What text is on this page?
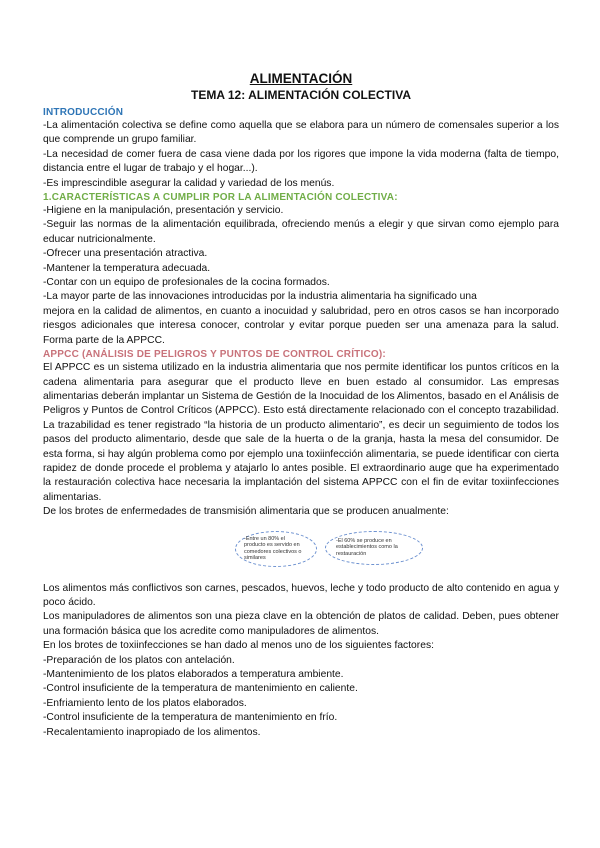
ALIMENTACIÓN
TEMA 12: ALIMENTACIÓN COLECTIVA
INTRODUCCIÓN

-La alimentación colectiva se define como aquella que se elabora para un número de comensales superior a los que comprende un grupo familiar.

-La necesidad de comer fuera de casa viene dada por los rigores que impone la vida moderna (falta de tiempo, distancia entre el lugar de trabajo y el hogar...).

-Es imprescindible asegurar la calidad y variedad de los menús.

1.CARACTERÍSTICAS A CUMPLIR POR LA ALIMENTACIÓN COLECTIVA:

-Higiene en la manipulación, presentación y servicio.

-Seguir las normas de la alimentación equilibrada, ofreciendo menús a elegir y que sirvan como ejemplo para educar nutricionalmente.

-Ofrecer una presentación atractiva.

-Mantener la temperatura adecuada.

-Contar con un equipo de profesionales de la cocina formados.

-La mayor parte de las innovaciones introducidas por la industria alimentaria ha significado una

mejora en la calidad de alimentos, en cuanto a inocuidad y salubridad, pero en otros casos se han incorporado riesgos adicionales que interesa conocer, controlar y evitar porque pueden ser una amenaza para la salud. Forma parte de la APPCC.

APPCC (ANÁLISIS DE PELIGROS Y PUNTOS DE CONTROL CRÍTICO):

El APPCC es un sistema utilizado en la industria alimentaria que nos permite identificar los puntos críticos en la cadena alimentaria para asegurar que el producto lleve en buen estado al consumidor. Las empresas alimentarias deberán implantar un Sistema de Gestión de la Inocuidad de los Alimentos, basado en el Análisis de Peligros y Puntos de Control Críticos (APPCC). Esto está directamente relacionado con el concepto trazabilidad. La trazabilidad es tener registrado “la historia de un producto alimentario”, es decir un seguimiento de todos los pasos del producto alimentario, desde que sale de la huerta o de la granja, hasta la mesa del consumidor. De esta forma, si hay algún problema como por ejemplo una toxiinfección alimentaria, se puede identificar con cierta rapidez de donde procede el problema y atajarlo lo antes posible. El extraordinario auge que ha experimentado la restauración colectiva hace necesaria la implantación del sistema APPCC con el fin de evitar toxiinfecciones alimentarias.

De los brotes de enfermedades de transmisión alimentaria que se producen anualmente:

-Entre un 80% el producto es servido en comedores colectivos o similares
-El 60% se produce en establecimientos como la restauración

Los alimentos más conflictivos son carnes, pescados, huevos, leche y todo producto de alto contenido en agua y poco ácido.

Los manipuladores de alimentos son una pieza clave en la obtención de platos de calidad. Deben, pues obtener una formación básica que los acredite como manipuladores de alimentos.

En los brotes de toxiinfecciones se han dado al menos uno de los siguientes factores:

-Preparación de los platos con antelación.

-Mantenimiento de los platos elaborados a temperatura ambiente.

-Control insuficiente de la temperatura de mantenimiento en caliente.

-Enfriamiento lento de los platos elaborados.

-Control insuficiente de la temperatura de mantenimiento en frío.

-Recalentamiento inapropiado de los alimentos.
